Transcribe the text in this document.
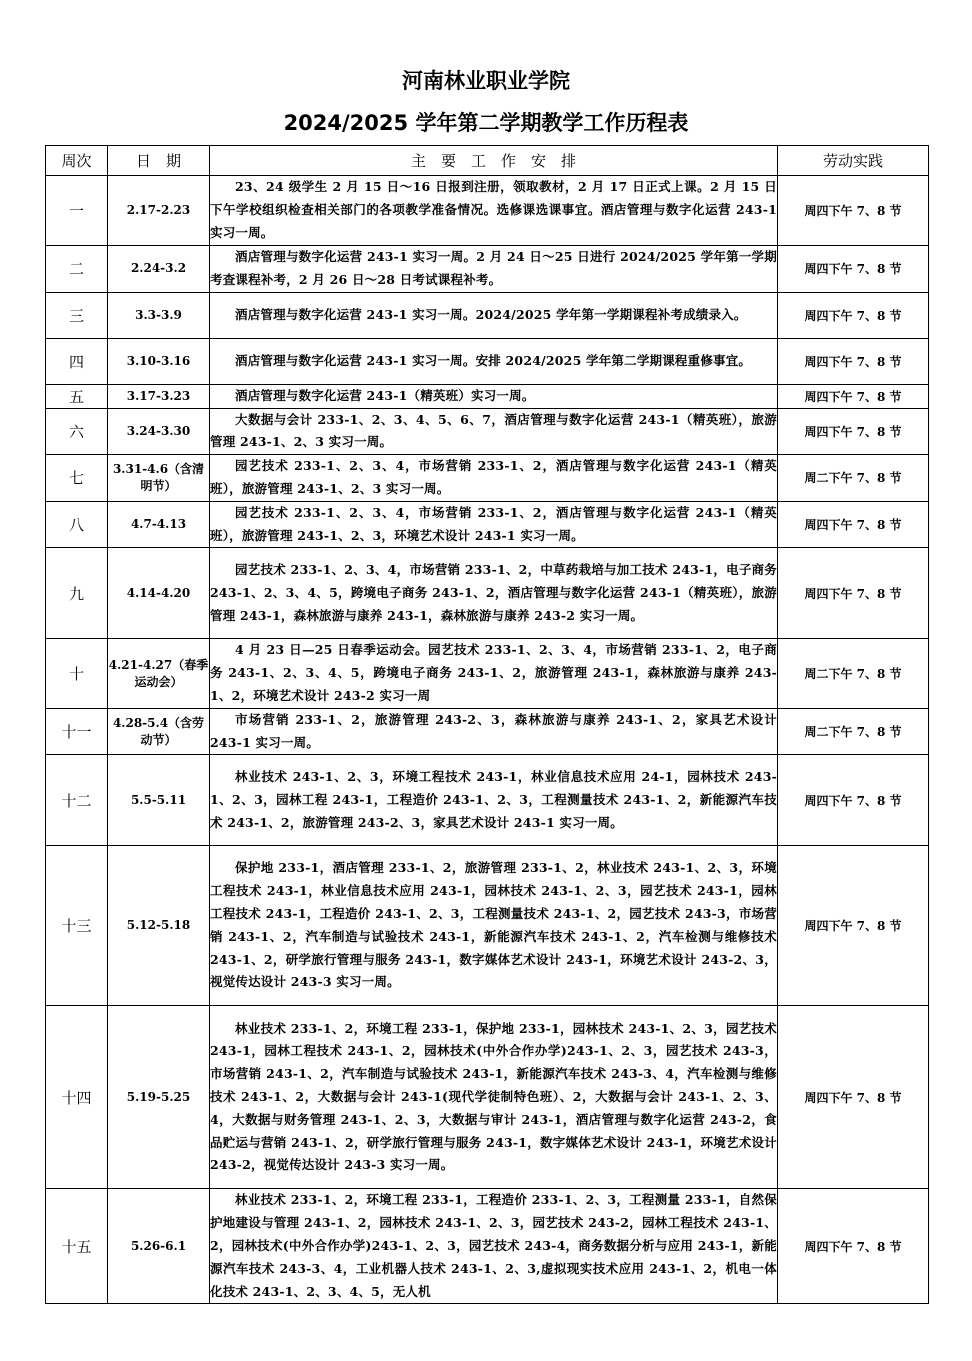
河南林业职业学院
2024/2025 学年第二学期教学工作历程表
周次	日　期	主　要　工　作　安　排	劳动实践
一	2.17-2.23	23、24 级学生 2 月 15 日～16 日报到注册，领取教材，2 月 17 日正式上课。2 月 15 日下午学校组织检查相关部门的各项教学准备情况。选修课选课事宜。酒店管理与数字化运营 243-1 实习一周。	周四下午 7、8 节
二	2.24-3.2	酒店管理与数字化运营 243-1 实习一周。2 月 24 日～25 日进行 2024/2025 学年第一学期考查课程补考，2 月 26 日～28 日考试课程补考。	周四下午 7、8 节
三	3.3-3.9	酒店管理与数字化运营 243-1 实习一周。2024/2025 学年第一学期课程补考成绩录入。	周四下午 7、8 节
四	3.10-3.16	酒店管理与数字化运营 243-1 实习一周。安排 2024/2025 学年第二学期课程重修事宜。	周四下午 7、8 节
五	3.17-3.23	酒店管理与数字化运营 243-1（精英班）实习一周。	周四下午 7、8 节
六	3.24-3.30	大数据与会计 233-1、2、3、4、5、6、7，酒店管理与数字化运营 243-1（精英班），旅游管理 243-1、2、3 实习一周。	周四下午 7、8 节
七	3.31-4.6（含清明节）	园艺技术 233-1、2、3、4，市场营销 233-1、2，酒店管理与数字化运营 243-1（精英班），旅游管理 243-1、2、3 实习一周。	周二下午 7、8 节
八	4.7-4.13	园艺技术 233-1、2、3、4，市场营销 233-1、2，酒店管理与数字化运营 243-1（精英班），旅游管理 243-1、2、3，环境艺术设计 243-1 实习一周。	周四下午 7、8 节
九	4.14-4.20	园艺技术 233-1、2、3、4，市场营销 233-1、2，中草药栽培与加工技术 243-1，电子商务 243-1、2、3、4、5，跨境电子商务 243-1、2，酒店管理与数字化运营 243-1（精英班），旅游管理 243-1，森林旅游与康养 243-1，森林旅游与康养 243-2 实习一周。	周四下午 7、8 节
十	4.21-4.27（春季运动会）	4 月 23 日—25 日春季运动会。园艺技术 233-1、2、3、4，市场营销 233-1、2，电子商务 243-1、2、3、4、5，跨境电子商务 243-1、2，旅游管理 243-1，森林旅游与康养 243-1、2，环境艺术设计 243-2 实习一周	周二下午 7、8 节
十一	4.28-5.4（含劳动节）	市场营销 233-1、2，旅游管理 243-2、3，森林旅游与康养 243-1、2，家具艺术设计 243-1 实习一周。	周二下午 7、8 节
十二	5.5-5.11	林业技术 243-1、2、3，环境工程技术 243-1，林业信息技术应用 24-1，园林技术 243-1、2、3，园林工程 243-1，工程造价 243-1、2、3，工程测量技术 243-1、2，新能源汽车技术 243-1、2，旅游管理 243-2、3，家具艺术设计 243-1 实习一周。	周四下午 7、8 节
十三	5.12-5.18	保护地 233-1，酒店管理 233-1、2，旅游管理 233-1、2，林业技术 243-1、2、3，环境工程技术 243-1，林业信息技术应用 243-1，园林技术 243-1、2、3，园艺技术 243-1，园林工程技术 243-1，工程造价 243-1、2、3，工程测量技术 243-1、2，园艺技术 243-3，市场营销 243-1、2，汽车制造与试验技术 243-1，新能源汽车技术 243-1、2，汽车检测与维修技术 243-1、2，研学旅行管理与服务 243-1，数字媒体艺术设计 243-1，环境艺术设计 243-2、3，视觉传达设计 243-3 实习一周。	周四下午 7、8 节
十四	5.19-5.25	林业技术 233-1、2，环境工程 233-1，保护地 233-1，园林技术 243-1、2、3，园艺技术 243-1，园林工程技术 243-1、2，园林技术(中外合作办学)243-1、2、3，园艺技术 243-3，市场营销 243-1、2，汽车制造与试验技术 243-1，新能源汽车技术 243-3、4，汽车检测与维修技术 243-1、2，大数据与会计 243-1(现代学徒制特色班）、2，大数据与会计 243-1、2、3、4，大数据与财务管理 243-1、2、3，大数据与审计 243-1，酒店管理与数字化运营 243-2，食品贮运与营销 243-1、2，研学旅行管理与服务 243-1，数字媒体艺术设计 243-1，环境艺术设计 243-2，视觉传达设计 243-3 实习一周。	周四下午 7、8 节
十五	5.26-6.1	林业技术 233-1、2，环境工程 233-1，工程造价 233-1、2、3，工程测量 233-1，自然保护地建设与管理 243-1、2，园林技术 243-1、2、3，园艺技术 243-2，园林工程技术 243-1、2，园林技术(中外合作办学)243-1、2、3，园艺技术 243-4，商务数据分析与应用 243-1，新能源汽车技术 243-3、4，工业机器人技术 243-1、2、3,虚拟现实技术应用 243-1、2，机电一体化技术 243-1、2、3、4、5，无人机	周四下午 7、8 节
